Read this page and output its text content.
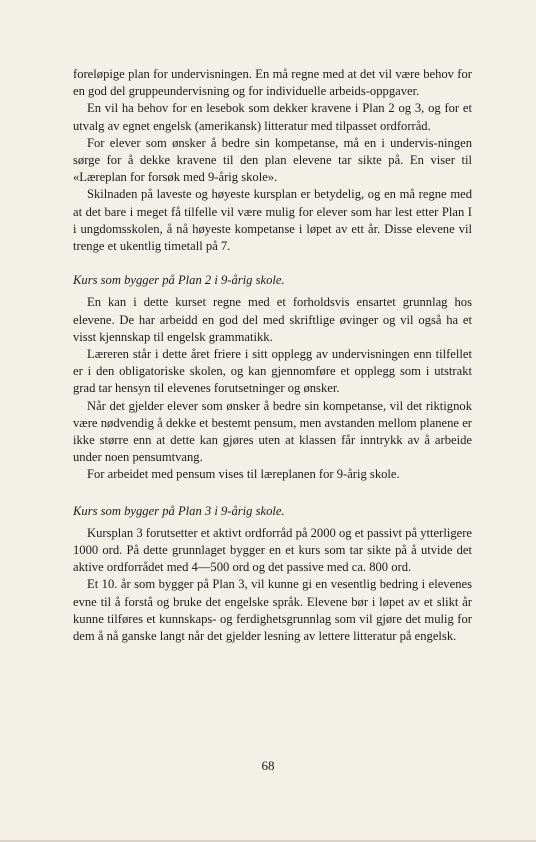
foreløpige plan for undervisningen. En må regne med at det vil være behov for en god del gruppeundervisning og for individuelle arbeids-oppgaver.

En vil ha behov for en lesebok som dekker kravene i Plan 2 og 3, og for et utvalg av egnet engelsk (amerikansk) litteratur med tilpasset ordforråd.

For elever som ønsker å bedre sin kompetanse, må en i undervis-ningen sørge for å dekke kravene til den plan elevene tar sikte på. En viser til «Læreplan for forsøk med 9-årig skole».

Skilnaden på laveste og høyeste kursplan er betydelig, og en må regne med at det bare i meget få tilfelle vil være mulig for elever som har lest etter Plan I i ungdomsskolen, å nå høyeste kompetanse i løpet av ett år. Disse elevene vil trenge et ukentlig timetall på 7.

Kurs som bygger på Plan 2 i 9-årig skole.

En kan i dette kurset regne med et forholdsvis ensartet grunnlag hos elevene. De har arbeidd en god del med skriftlige øvinger og vil også ha et visst kjennskap til engelsk grammatikk.

Læreren står i dette året friere i sitt opplegg av undervisningen enn tilfellet er i den obligatoriske skolen, og kan gjennomføre et opplegg som i utstrakt grad tar hensyn til elevenes forutsetninger og ønsker.

Når det gjelder elever som ønsker å bedre sin kompetanse, vil det riktignok være nødvendig å dekke et bestemt pensum, men avstanden mellom planene er ikke større enn at dette kan gjøres uten at klassen får inntrykk av å arbeide under noen pensumtvang.

For arbeidet med pensum vises til læreplanen for 9-årig skole.

Kurs som bygger på Plan 3 i 9-årig skole.

Kursplan 3 forutsetter et aktivt ordforråd på 2000 og et passivt på ytterligere 1000 ord. På dette grunnlaget bygger en et kurs som tar sikte på å utvide det aktive ordforrådet med 4—500 ord og det passive med ca. 800 ord.

Et 10. år som bygger på Plan 3, vil kunne gi en vesentlig bedring i elevenes evne til å forstå og bruke det engelske språk. Elevene bør i løpet av et slikt år kunne tilføres et kunnskaps- og ferdighetsgrunnlag som vil gjøre det mulig for dem å nå ganske langt når det gjelder lesning av lettere litteratur på engelsk.

68
